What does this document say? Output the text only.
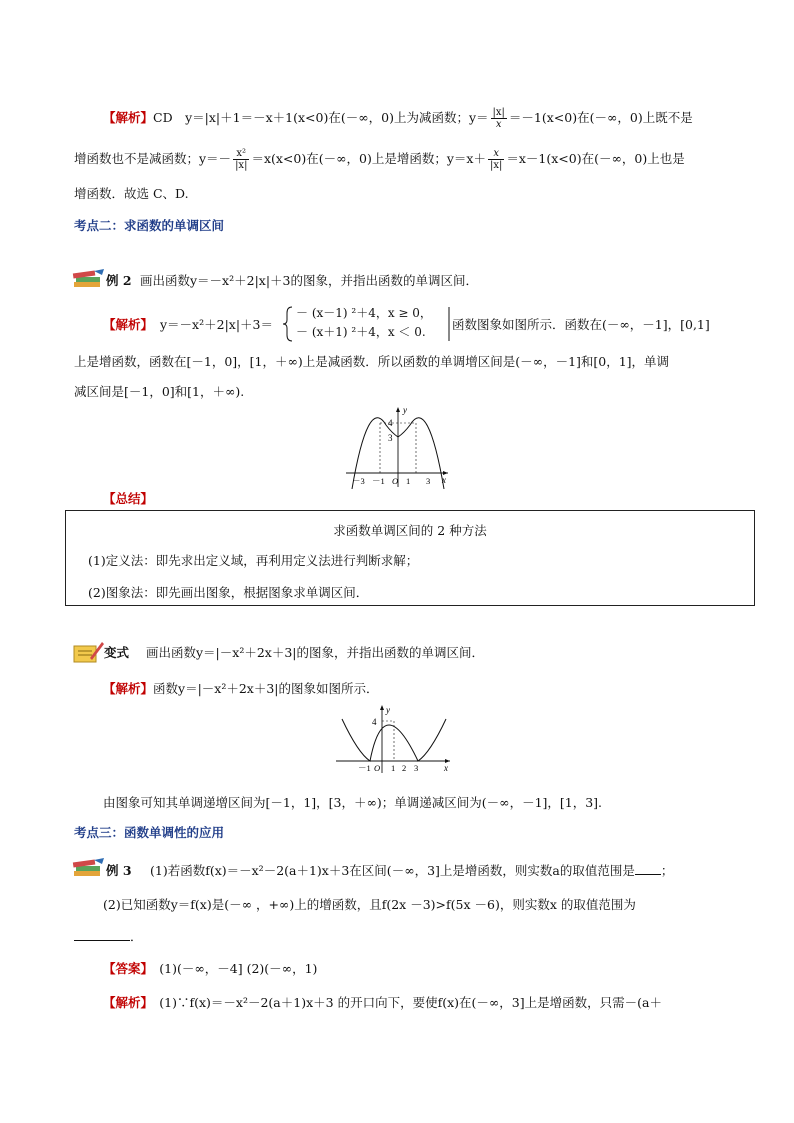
【解析】CD　y＝|x|＋1＝－x＋1(x<0)在(－∞，0)上为减函数；$y= \frac{|x|}{x} =-1(x<0)$在(－∞，0)上既不是
增函数也不是减函数；$y=- \frac{\text{x²}}{|x|} =x(x<0)$在(－∞，0)上是增函数；$y=x+ \frac{x}{|x|} =x-1(x<0)$在(－∞，0)上也是
增函数．故选 C、D.
考点二：求函数的单调区间
例 2 画出函数y＝－x²＋2|x|＋3的图象，并指出函数的单调区间．
【解析】 y＝－x²＋2|x|＋3＝
－ (x－1) ²＋4，x ≥ 0，
－ (x＋1) ²＋4，x ＜ 0. 函数图象如图所示．函数在(－∞，－1]，[0,1]
上是增函数，函数在[－1，0]，[1，＋∞)上是减函数．所以函数的单调增区间是(－∞，－1]和[0，1]，单调
减区间是[－1，0]和[1，＋∞).
y
x
4
3
－3 －1 O 1 3
【总结】
求函数单调区间的 2 种方法
(1)定义法：即先求出定义域，再利用定义法进行判断求解；
(2)图象法：即先画出图象，根据图象求单调区间．
变式 画出函数y＝|－x²＋2x＋3|的图象，并指出函数的单调区间．
【解析】函数y＝|－x²＋2x＋3|的图象如图所示．
y
x
4
－1 O 1 2 3
由图象可知其单调递增区间为[－1，1]，[3，＋∞)；单调递减区间为(－∞，－1]，[1，3].
考点三：函数单调性的应用
例 3 (1)若函数f(x)＝－x²－2(a＋1)x＋3在区间(－∞，3]上是增函数，则实数a的取值范围是 ；
(2)已知函数y＝f(x)是(－∞ ，+∞)上的增函数，且f(2x －3)>f(5x －6)，则实数x 的取值范围为
．
【答案】　 (1)(－∞，－4] (2)(－∞，1)
【解析】　 (1)∵f(x)＝－x²－2(a＋1)x＋3 的开口向下，要使f(x)在(－∞，3]上是增函数，只需－(a＋
